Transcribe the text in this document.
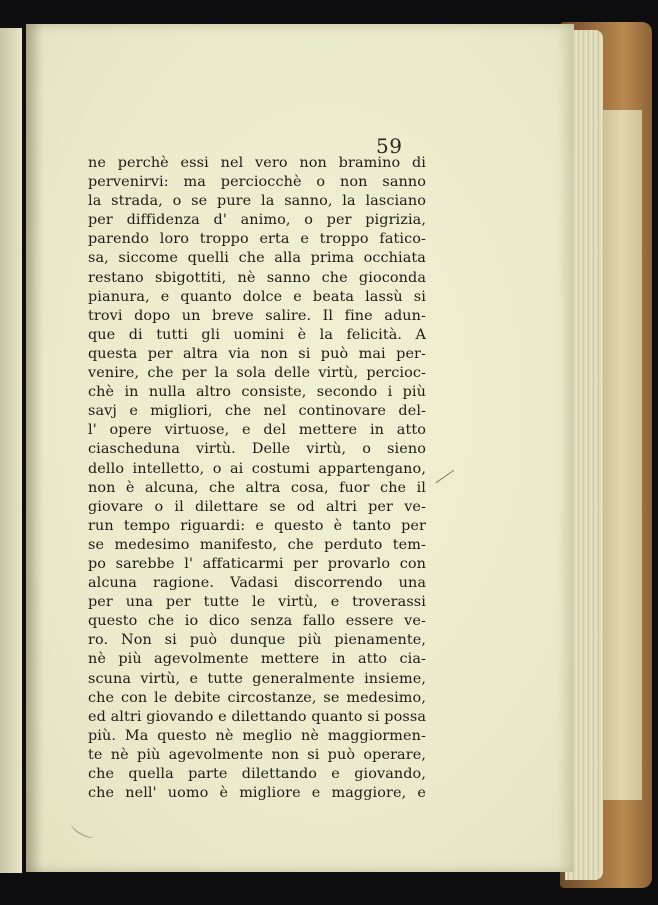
59
ne perchè essi nel vero non bramino di
pervenirvi: ma perciocchè o non sanno
la strada, o se pure la sanno, la lasciano
per diffidenza d' animo, o per pigrizia,
parendo loro troppo erta e troppo fatico-
sa, siccome quelli che alla prima occhiata
restano sbigottiti, nè sanno che gioconda
pianura, e quanto dolce e beata lassù si
trovi dopo un breve salire. Il fine adun-
que di tutti gli uomini è la felicità. A
questa per altra via non si può mai per-
venire, che per la sola delle virtù, percioc-
chè in nulla altro consiste, secondo i più
savj e migliori, che nel continovare del-
l' opere virtuose, e del mettere in atto
ciascheduna virtù. Delle virtù, o sieno
dello intelletto, o ai costumi appartengano,
non è alcuna, che altra cosa, fuor che il
giovare o il dilettare se od altri per ve-
run tempo riguardi: e questo è tanto per
se medesimo manifesto, che perduto tem-
po sarebbe l' affaticarmi per provarlo con
alcuna ragione. Vadasi discorrendo una
per una per tutte le virtù, e troverassi
questo che io dico senza fallo essere ve-
ro. Non si può dunque più pienamente,
nè più agevolmente mettere in atto cia-
scuna virtù, e tutte generalmente insieme,
che con le debite circostanze, se medesimo,
ed altri giovando e dilettando quanto si possa
più. Ma questo nè meglio nè maggiormen-
te nè più agevolmente non si può operare,
che quella parte dilettando e giovando,
che nell' uomo è migliore e maggiore, e
